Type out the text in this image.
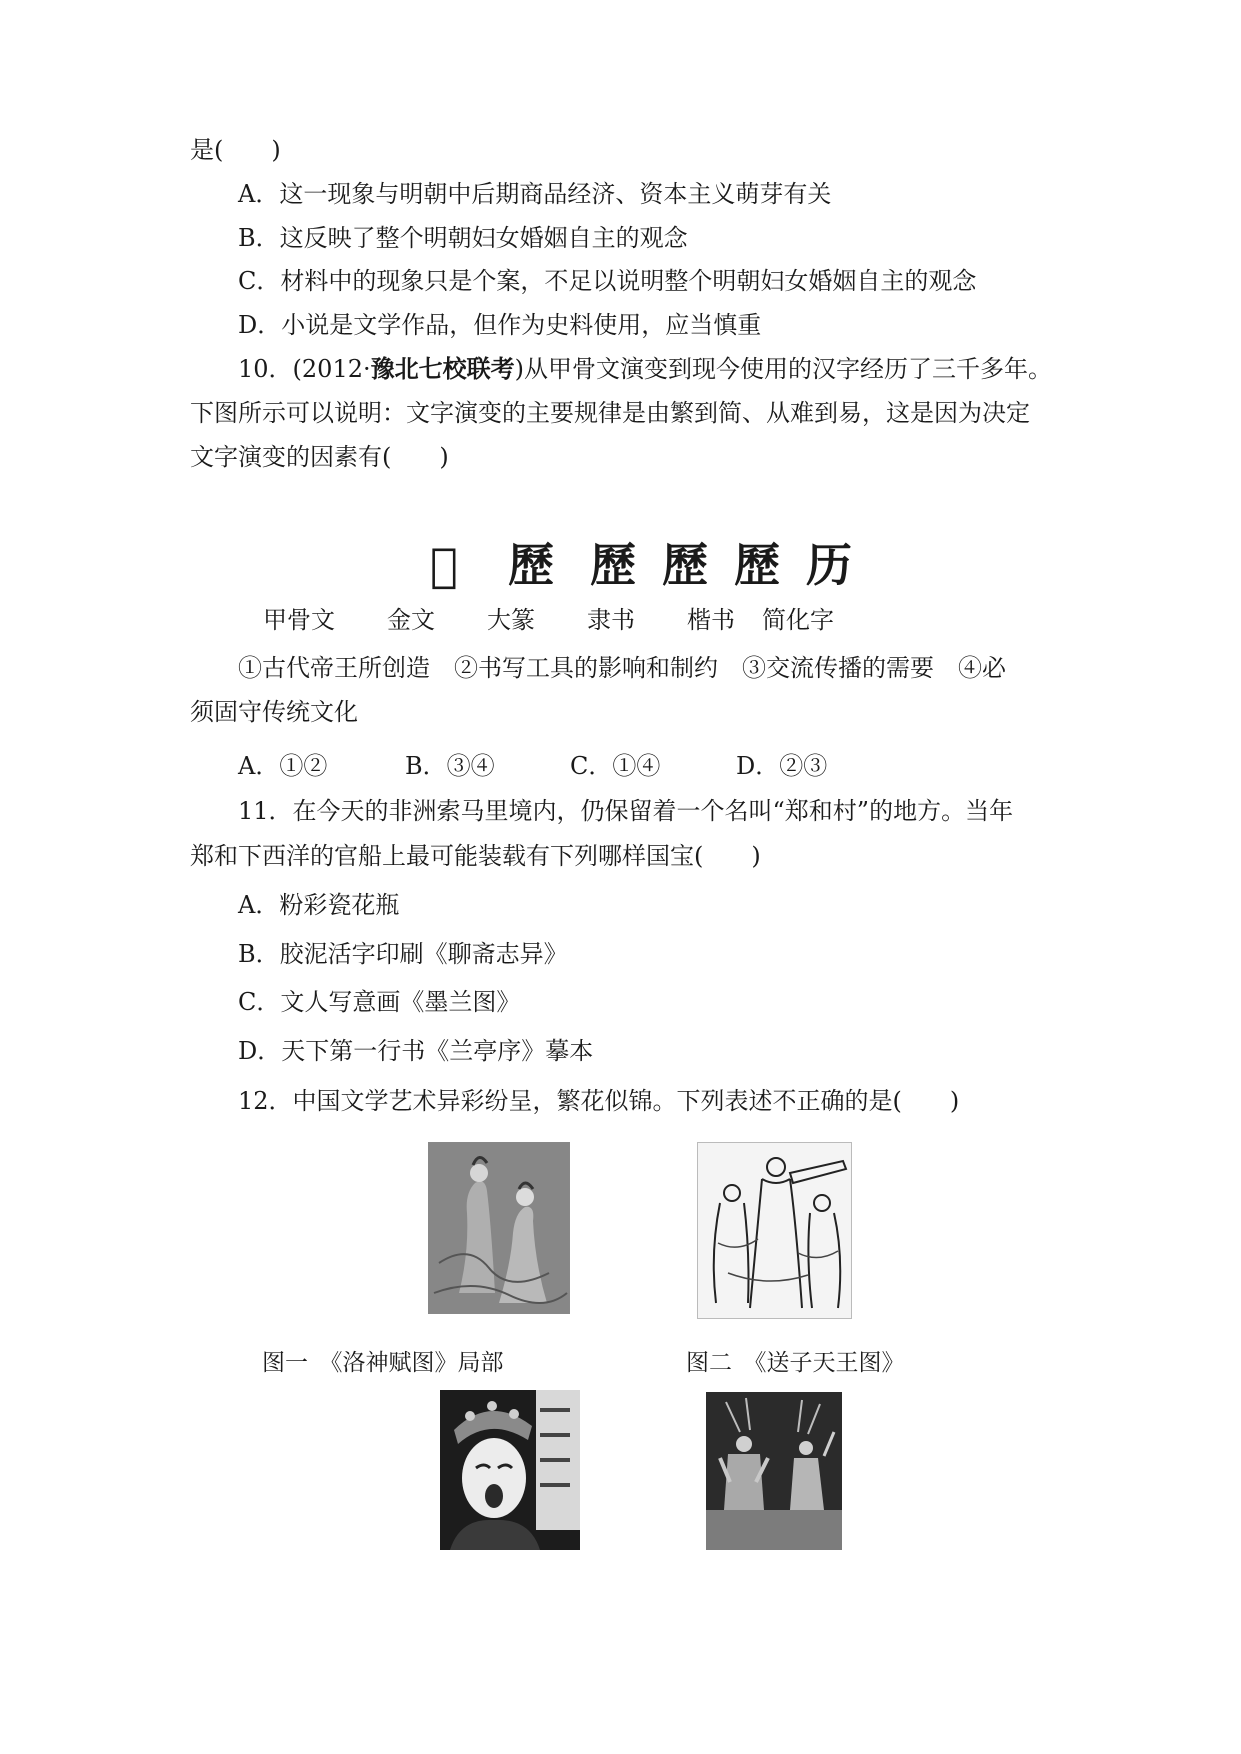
是(　　)
A．这一现象与明朝中后期商品经济、资本主义萌芽有关
B．这反映了整个明朝妇女婚姻自主的观念
C．材料中的现象只是个案，不足以说明整个明朝妇女婚姻自主的观念
D．小说是文学作品，但作为史料使用，应当慎重
10．(2012·豫北七校联考)从甲骨文演变到现今使用的汉字经历了三千多年。
下图所示可以说明：文字演变的主要规律是由繁到简、从难到易，这是因为决定
文字演变的因素有(　　)
𣥼 歷 歷 歷 歷 历
甲骨文 金文 大篆 隶书 楷书 简化字
①古代帝王所创造　②书写工具的影响和制约　③交流传播的需要　④必
须固守传统文化
A．①②	B．③④	C．①④	D．②③
11．在今天的非洲索马里境内，仍保留着一个名叫“郑和村”的地方。当年
郑和下西洋的官船上最可能装载有下列哪样国宝(　　)
A．粉彩瓷花瓶
B．胶泥活字印刷《聊斋志异》
C．文人写意画《墨兰图》
D．天下第一行书《兰亭序》摹本
12．中国文学艺术异彩纷呈，繁花似锦。下列表述不正确的是(　　)
图一　《洛神赋图》局部	图二　《送子天王图》
